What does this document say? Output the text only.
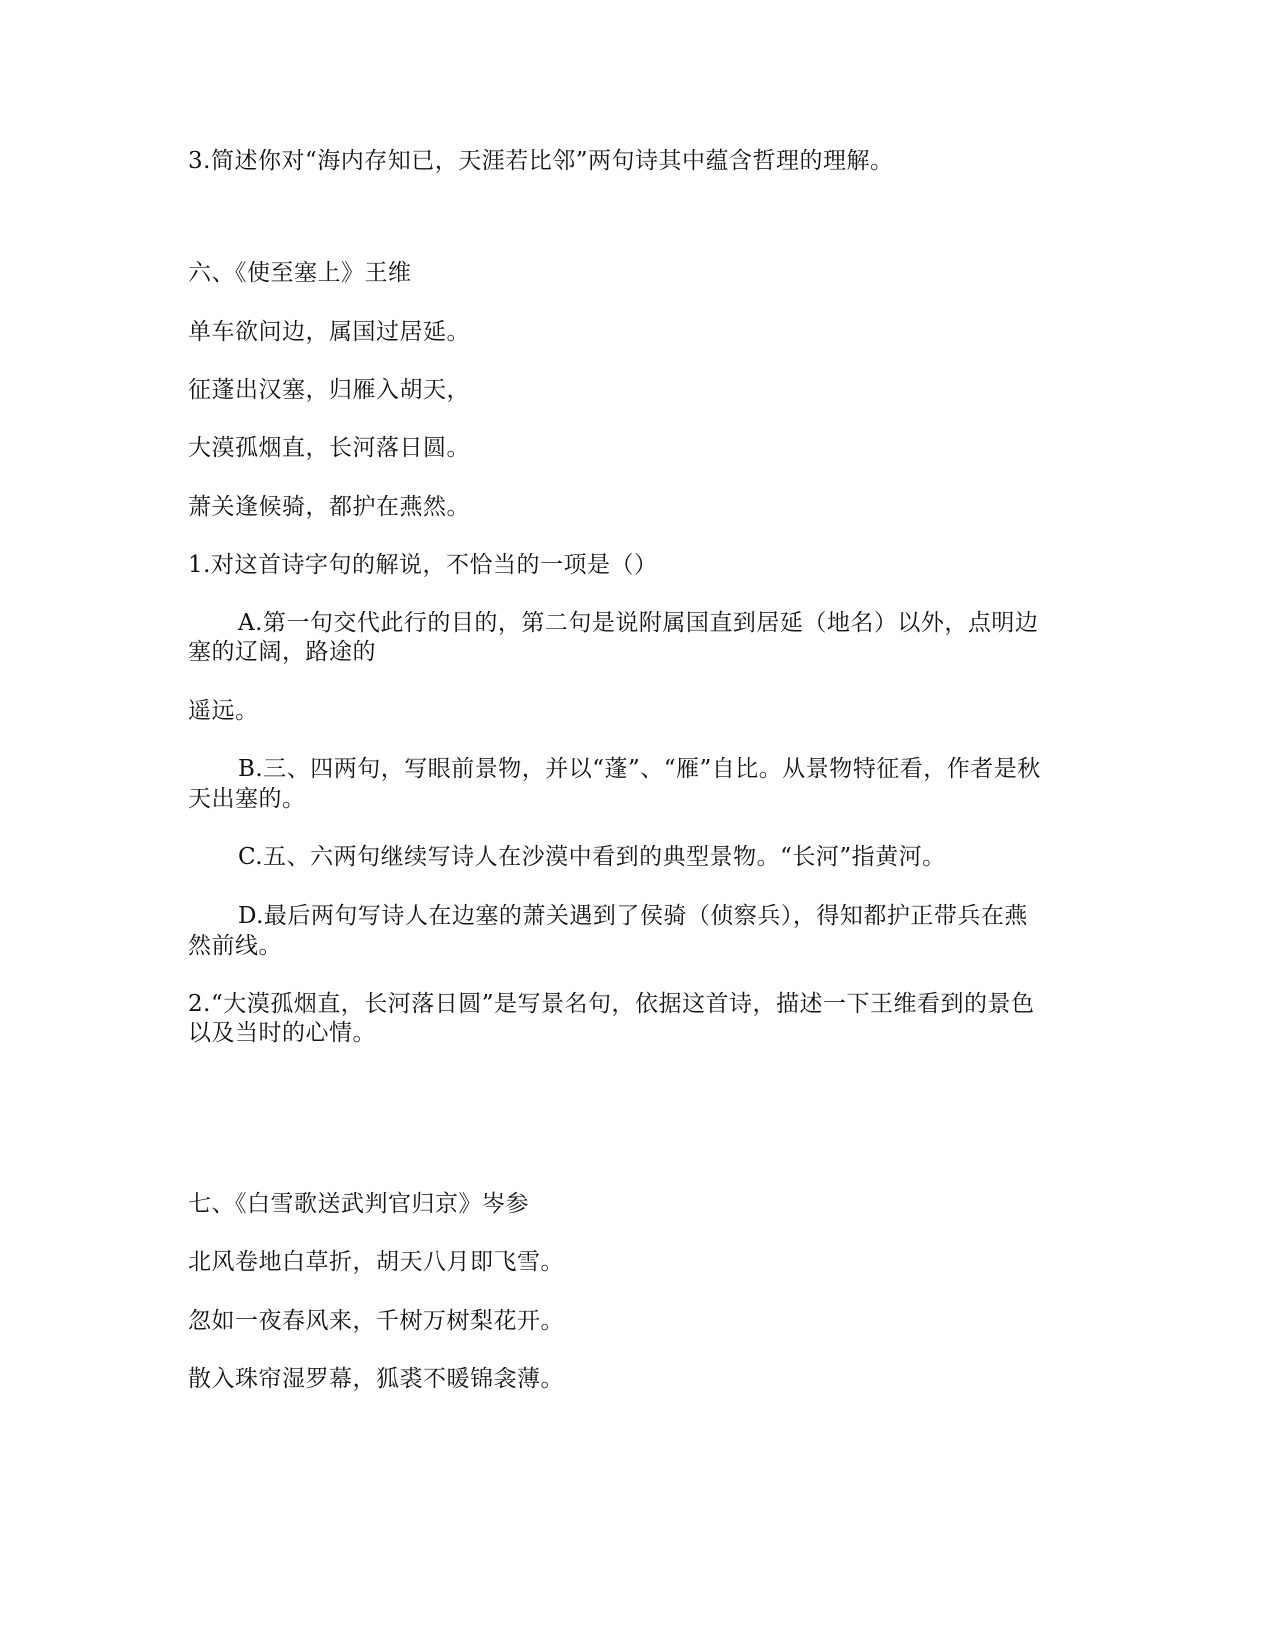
3.简述你对“海内存知已，天涯若比邻”两句诗其中蕴含哲理的理解。
六、《使至塞上》王维
单车欲问边，属国过居延。
征蓬出汉塞，归雁入胡天，
大漠孤烟直，长河落日圆。
萧关逢候骑，都护在燕然。
1.对这首诗字句的解说，不恰当的一项是（）
A.第一句交代此行的目的，第二句是说附属国直到居延（地名）以外，点明边
塞的辽阔，路途的
遥远。
B.三、四两句，写眼前景物，并以“蓬”、“雁”自比。从景物特征看，作者是秋
天出塞的。
C.五、六两句继续写诗人在沙漠中看到的典型景物。“长河”指黄河。
D.最后两句写诗人在边塞的萧关遇到了侯骑（侦察兵），得知都护正带兵在燕
然前线。
2.“大漠孤烟直，长河落日圆”是写景名句，依据这首诗，描述一下王维看到的景色
以及当时的心情。
七、《白雪歌送武判官归京》岑参
北风卷地白草折，胡天八月即飞雪。
忽如一夜春风来，千树万树梨花开。
散入珠帘湿罗幕，狐裘不暖锦衾薄。
